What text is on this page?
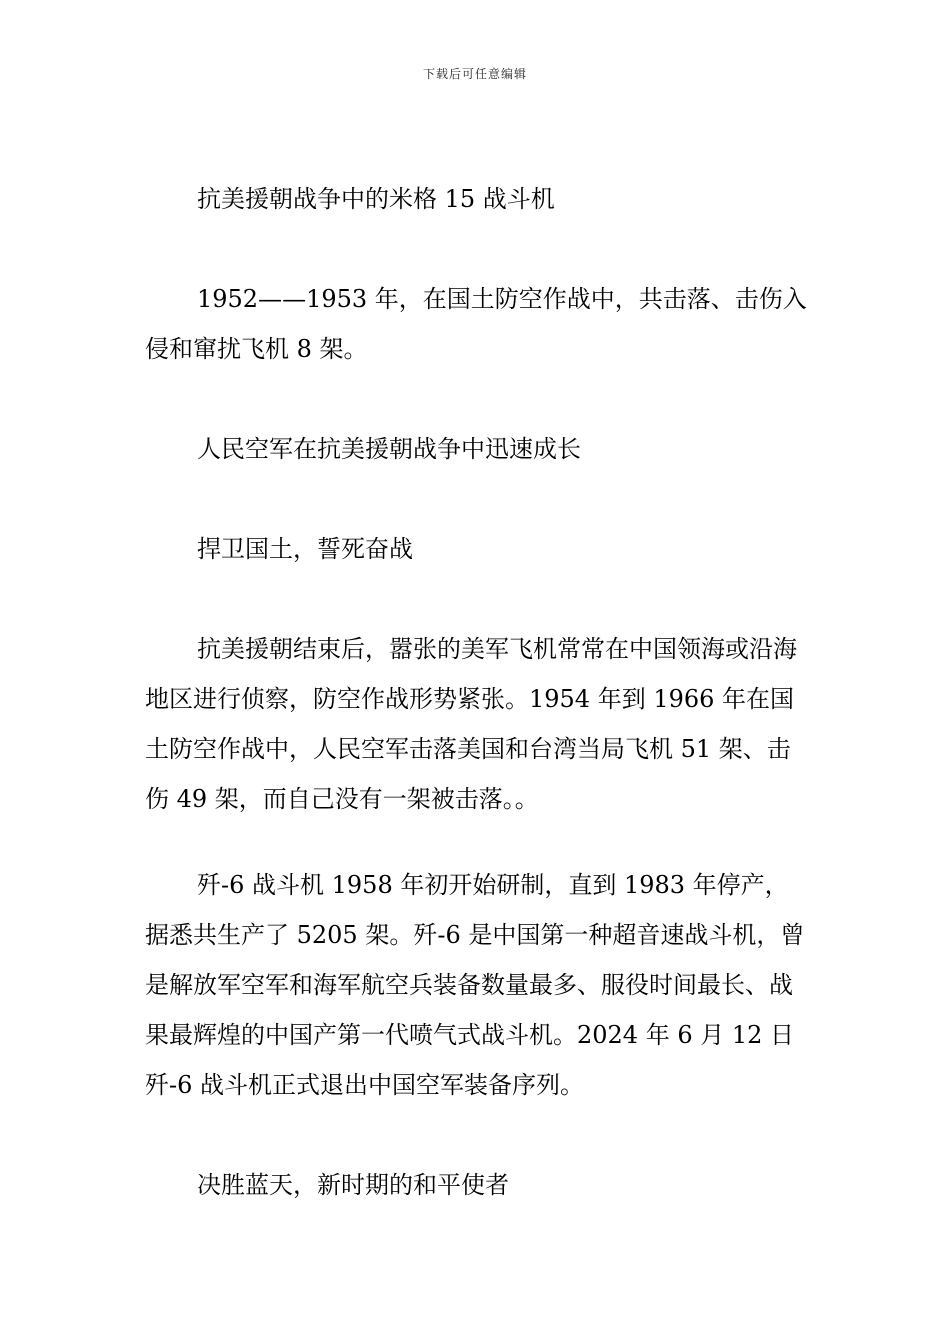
下载后可任意编辑

抗美援朝战争中的米格 15 战斗机

1952——1953 年，在国土防空作战中，共击落、击伤入侵和窜扰飞机 8 架。

人民空军在抗美援朝战争中迅速成长

捍卫国土，誓死奋战

抗美援朝结束后，嚣张的美军飞机常常在中国领海或沿海地区进行侦察，防空作战形势紧张。1954 年到 1966 年在国土防空作战中，人民空军击落美国和台湾当局飞机 51 架、击伤 49 架，而自己没有一架被击落。。

歼-6 战斗机 1958 年初开始研制，直到 1983 年停产，据悉共生产了 5205 架。歼-6 是中国第一种超音速战斗机，曾是解放军空军和海军航空兵装备数量最多、服役时间最长、战果最辉煌的中国产第一代喷气式战斗机。2024 年 6 月 12 日歼-6 战斗机正式退出中国空军装备序列。

决胜蓝天，新时期的和平使者
